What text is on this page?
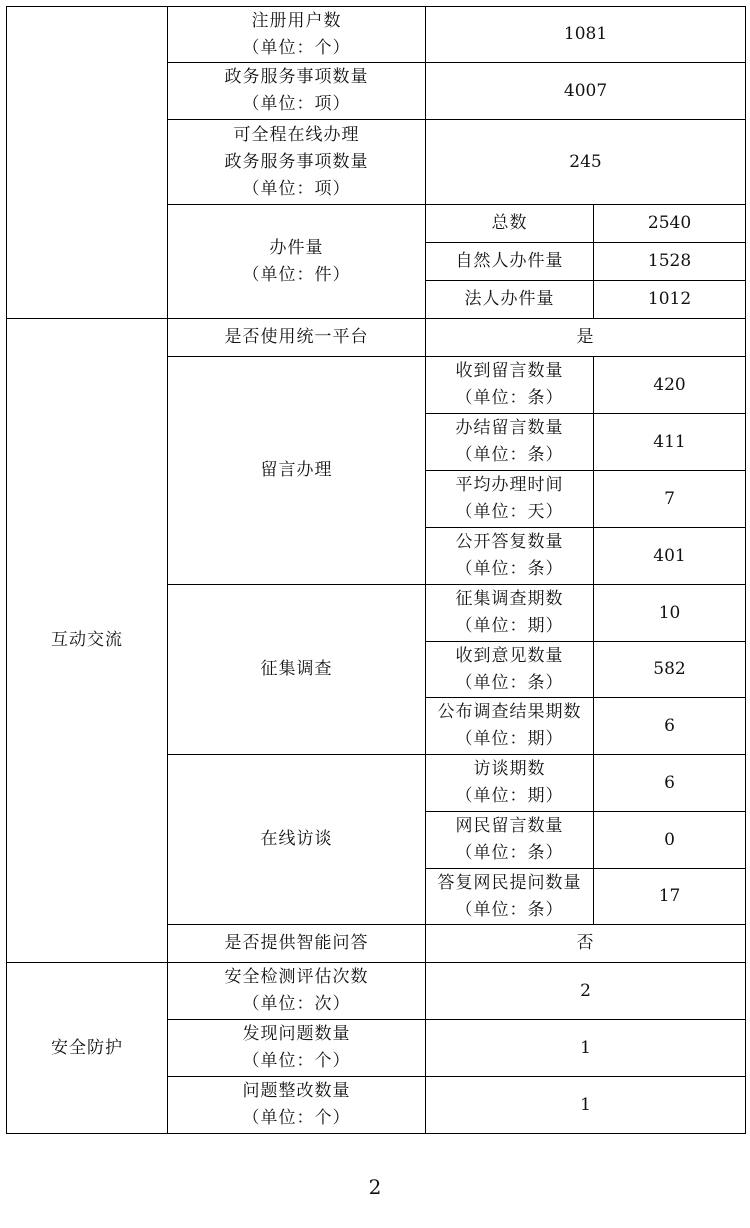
	注册用户数
（单位：个）	1081	

	政务服务事项数量
（单位：项）	4007	

	可全程在线办理
政务服务事项数量
（单位：项）	245	

	办件量
（单位：件）	总数	2540
		自然人办件量	1528
		法人办件量	1012
互动交流	是否使用统一平台	是	
	留言办理	收到留言数量
（单位：条）	420

		办结留言数量
（单位：条）	411

		平均办理时间
（单位：天）	7

		公开答复数量
（单位：条）	401
	征集调查	征集调查期数
（单位：期）	10

		收到意见数量
（单位：条）	582

		公布调查结果期数
（单位：期）	6
	在线访谈	访谈期数
（单位：期）	6

		网民留言数量
（单位：条）	0

		答复网民提问数量
（单位：条）	17
	是否提供智能问答	否	
安全防护	安全检测评估次数
（单位：次）	2	

	发现问题数量
（单位：个）	1	

	问题整改数量
（单位：个）	1	
2
